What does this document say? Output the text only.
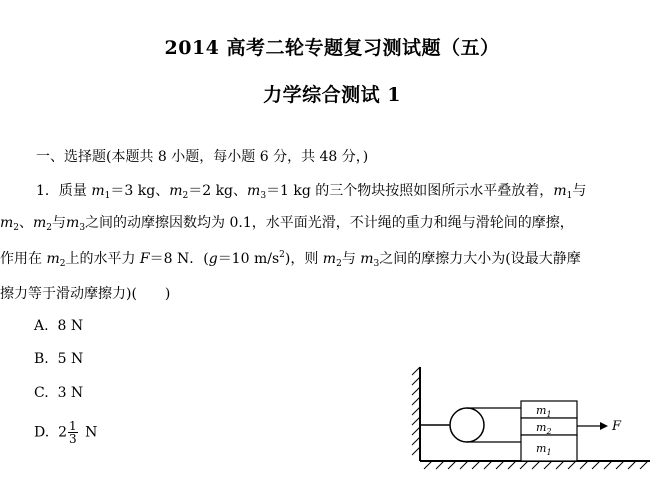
2014 高考二轮专题复习测试题（五）
力学综合测试 1
一、选择题(本题共 8 小题，每小题 6 分，共 48 分，)
1．质量 $m_1=3$ kg、$m_2=2$ kg、$m_3=1$ kg 的三个物块按照如图所示水平叠放着，$m_1$与
$m_2$、$m_2$与$m_3$之间的动摩擦因数均为 0.1，水平面光滑，不计绳的重力和绳与滑轮间的摩擦，
作用在 $m_2$上的水平力 F＝8 N．(g＝10 $m/s^2$)，则 $m_2$与 $m_3$之间的摩擦力大小为(设最大静摩
擦力等于滑动摩擦力)(　　)
A. 8 N
B. 5 N
C. 3 N
D. $2 \frac{1}{3}$ N
$m_1$
$m_2$
$m_1$
F
